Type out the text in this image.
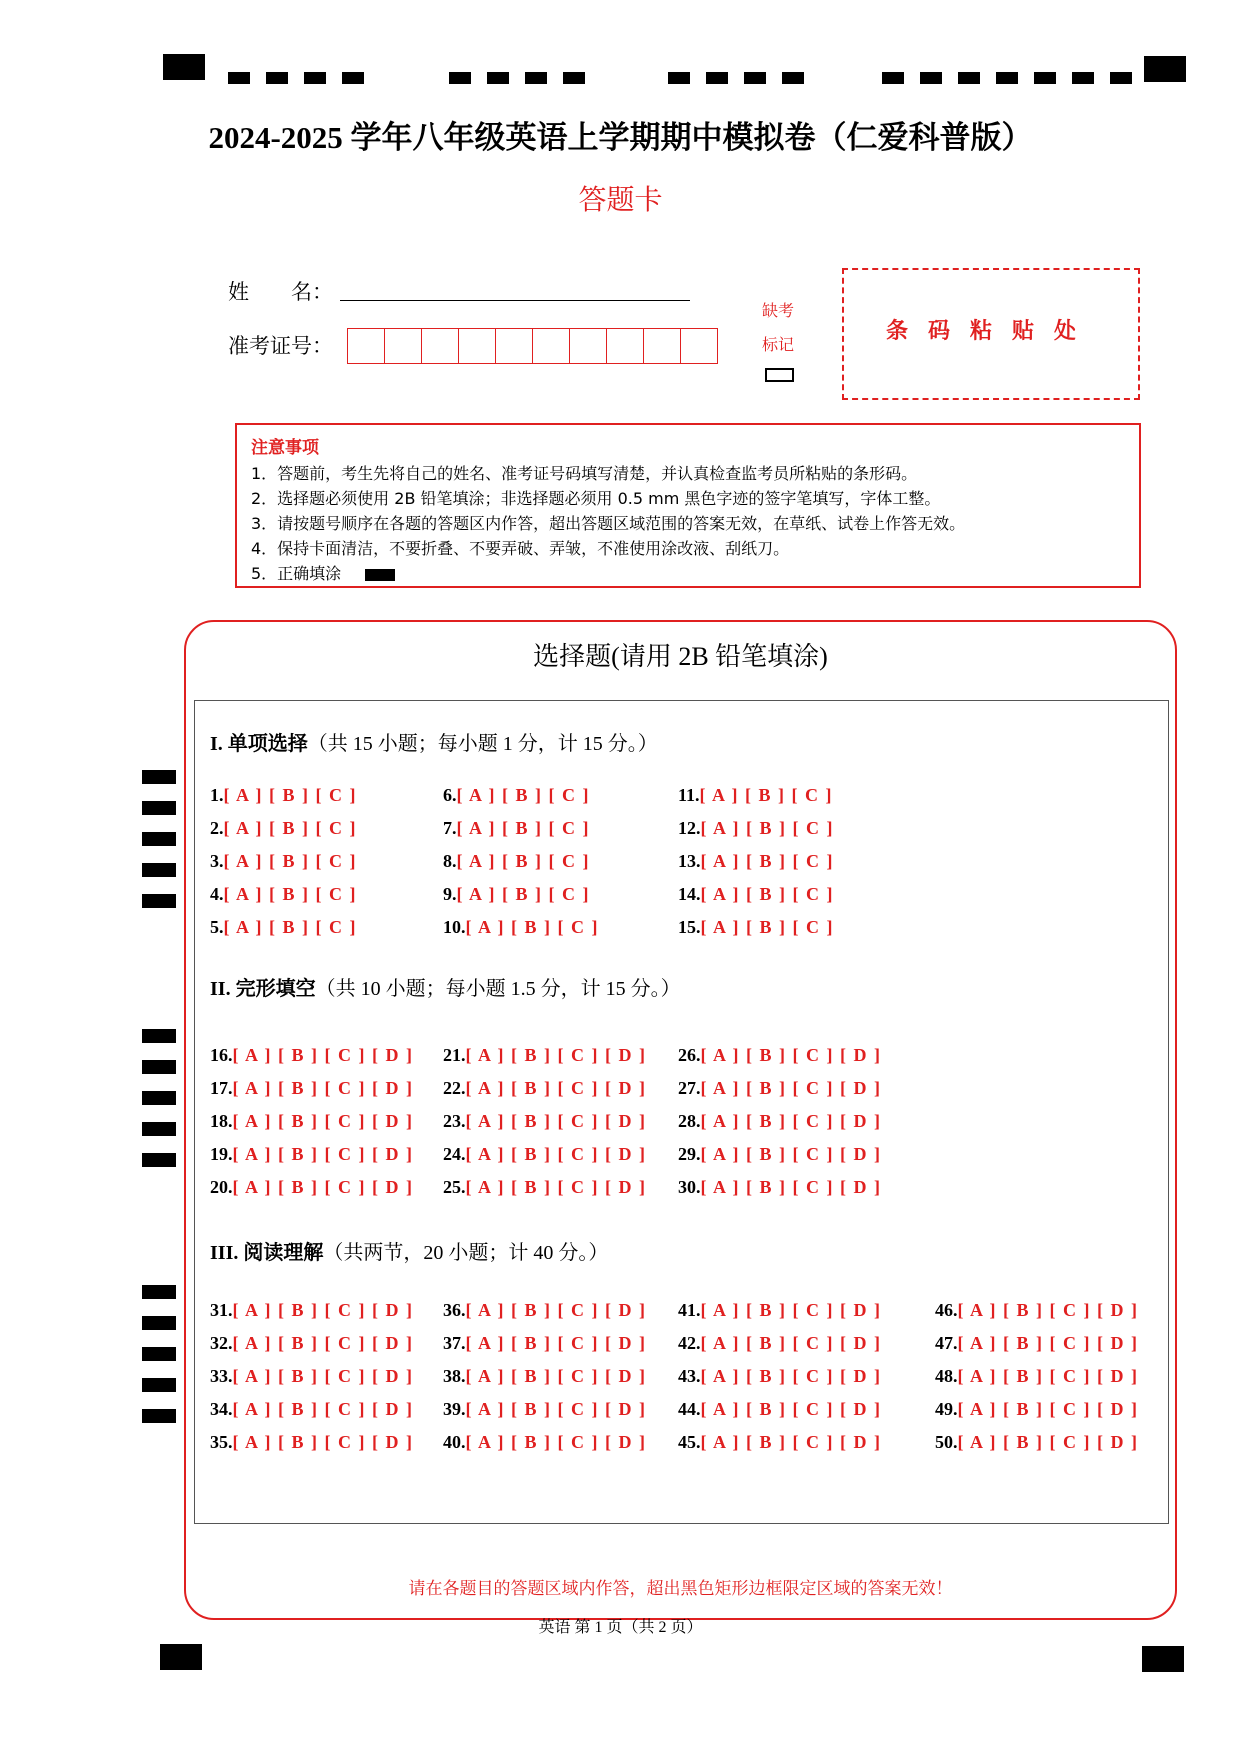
2024-2025 学年八年级英语上学期期中模拟卷（仁爱科普版）
答题卡
姓　　名：
准考证号：
缺考
标记
条码粘贴处
注意事项
1．答题前，考生先将自己的姓名、准考证号码填写清楚，并认真检查监考员所粘贴的条形码。
2．选择题必须使用 2B 铅笔填涂；非选择题必须用 0.5 mm 黑色字迹的签字笔填写，字体工整。
3．请按题号顺序在各题的答题区内作答，超出答题区域范围的答案无效，在草纸、试卷上作答无效。
4．保持卡面清洁，不要折叠、不要弄破、弄皱，不准使用涂改液、刮纸刀。
5．正确填涂
选择题(请用 2B 铅笔填涂)
I. 单项选择（共 15 小题；每小题 1 分，计 15 分。）
II. 完形填空（共 10 小题；每小题 1.5 分，计 15 分。）
III. 阅读理解（共两节，20 小题；计 40 分。）
1.[ A ] [ B ] [ C ]
2.[ A ] [ B ] [ C ]
3.[ A ] [ B ] [ C ]
4.[ A ] [ B ] [ C ]
5.[ A ] [ B ] [ C ]
6.[ A ] [ B ] [ C ]
7.[ A ] [ B ] [ C ]
8.[ A ] [ B ] [ C ]
9.[ A ] [ B ] [ C ]
10.[ A ] [ B ] [ C ]
11.[ A ] [ B ] [ C ]
12.[ A ] [ B ] [ C ]
13.[ A ] [ B ] [ C ]
14.[ A ] [ B ] [ C ]
15.[ A ] [ B ] [ C ]
16.[ A ] [ B ] [ C ] [ D ]
17.[ A ] [ B ] [ C ] [ D ]
18.[ A ] [ B ] [ C ] [ D ]
19.[ A ] [ B ] [ C ] [ D ]
20.[ A ] [ B ] [ C ] [ D ]
21.[ A ] [ B ] [ C ] [ D ]
22.[ A ] [ B ] [ C ] [ D ]
23.[ A ] [ B ] [ C ] [ D ]
24.[ A ] [ B ] [ C ] [ D ]
25.[ A ] [ B ] [ C ] [ D ]
26.[ A ] [ B ] [ C ] [ D ]
27.[ A ] [ B ] [ C ] [ D ]
28.[ A ] [ B ] [ C ] [ D ]
29.[ A ] [ B ] [ C ] [ D ]
30.[ A ] [ B ] [ C ] [ D ]
31.[ A ] [ B ] [ C ] [ D ]
32.[ A ] [ B ] [ C ] [ D ]
33.[ A ] [ B ] [ C ] [ D ]
34.[ A ] [ B ] [ C ] [ D ]
35.[ A ] [ B ] [ C ] [ D ]
36.[ A ] [ B ] [ C ] [ D ]
37.[ A ] [ B ] [ C ] [ D ]
38.[ A ] [ B ] [ C ] [ D ]
39.[ A ] [ B ] [ C ] [ D ]
40.[ A ] [ B ] [ C ] [ D ]
41.[ A ] [ B ] [ C ] [ D ]
42.[ A ] [ B ] [ C ] [ D ]
43.[ A ] [ B ] [ C ] [ D ]
44.[ A ] [ B ] [ C ] [ D ]
45.[ A ] [ B ] [ C ] [ D ]
46.[ A ] [ B ] [ C ] [ D ]
47.[ A ] [ B ] [ C ] [ D ]
48.[ A ] [ B ] [ C ] [ D ]
49.[ A ] [ B ] [ C ] [ D ]
50.[ A ] [ B ] [ C ] [ D ]
请在各题目的答题区域内作答，超出黑色矩形边框限定区域的答案无效！
英语 第 1 页（共 2 页）
